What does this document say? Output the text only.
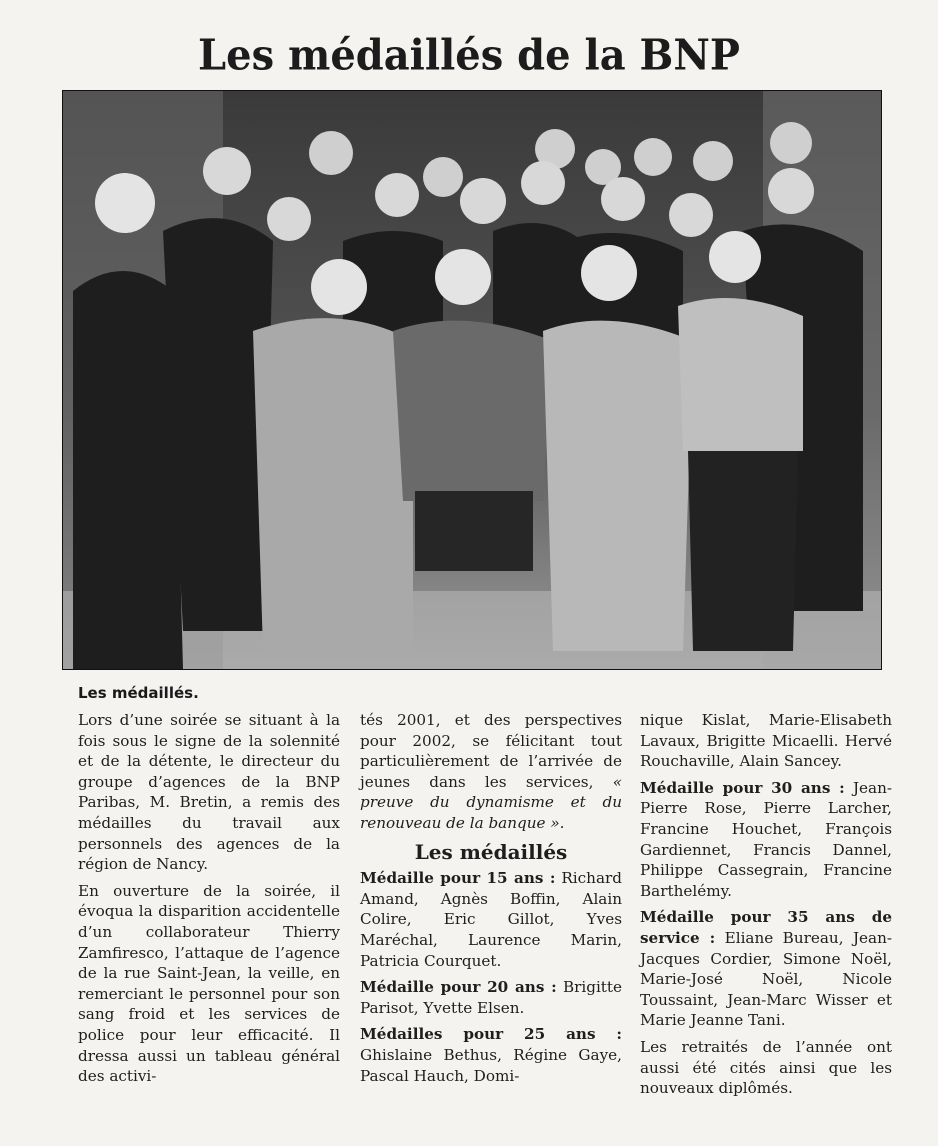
Les médaillés de la BNP
Les médaillés.

Lors d’une soirée se situant à la fois sous le signe de la solennité et de la détente, le directeur du groupe d’agences de la BNP Paribas, M. Bretin, a remis des médailles du travail aux personnels des agences de la région de Nancy.

En ouverture de la soirée, il évoqua la disparition accidentelle d’un collaborateur Thierry Zamfiresco, l’attaque de l’agence de la rue Saint-Jean, la veille, en remerciant le personnel pour son sang froid et les services de police pour leur efficacité. Il dressa aussi un tableau général des activi-

tés 2001, et des perspectives pour 2002, se félicitant tout particulièrement de l’arrivée de jeunes dans les services, « preuve du dynamisme et du renouveau de la banque ».

Les médaillés

Médaille pour 15 ans : Richard Amand, Agnès Boffin, Alain Colire, Eric Gillot, Yves Maréchal, Laurence Marin, Patricia Courquet.

Médaille pour 20 ans : Brigitte Parisot, Yvette Elsen.

Médailles pour 25 ans : Ghislaine Bethus, Régine Gaye, Pascal Hauch, Domi-

nique Kislat, Marie-Elisabeth Lavaux, Brigitte Micaelli. Hervé Rouchaville, Alain Sancey.

Médaille pour 30 ans : Jean-Pierre Rose, Pierre Larcher, Francine Houchet, François Gardiennet, Francis Dannel, Philippe Cassegrain, Francine Barthelémy.

Médaille pour 35 ans de service : Eliane Bureau, Jean-Jacques Cordier, Simone Noël, Marie-José Noël, Nicole Toussaint, Jean-Marc Wisser et Marie Jeanne Tani.

Les retraités de l’année ont aussi été cités ainsi que les nouveaux diplômés.
